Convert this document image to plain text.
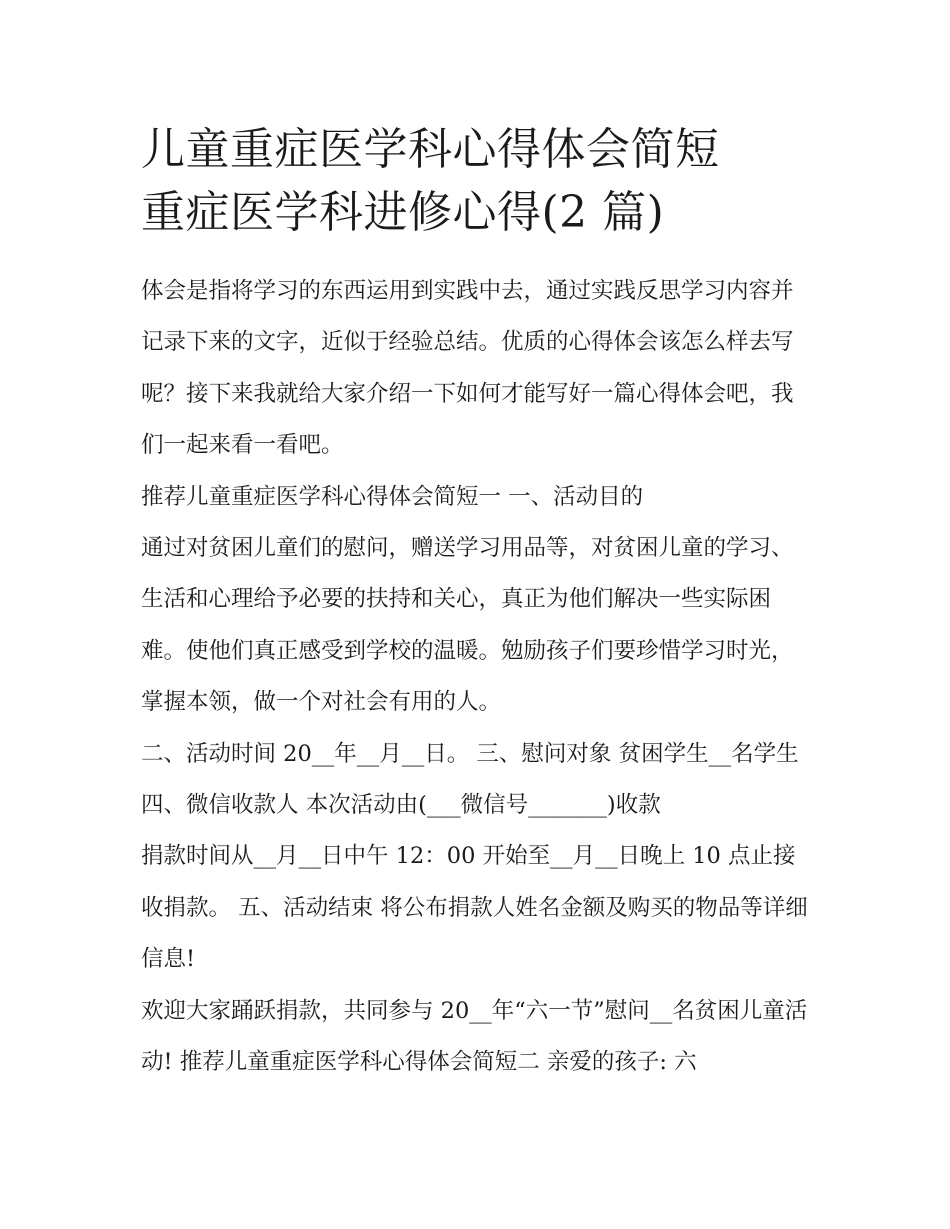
儿童重症医学科心得体会简短
重症医学科进修心得(2 篇)

体会是指将学习的东西运用到实践中去，通过实践反思学习内容并记录下来的文字，近似于经验总结。优质的心得体会该怎么样去写呢？接下来我就给大家介绍一下如何才能写好一篇心得体会吧，我们一起来看一看吧。

推荐儿童重症医学科心得体会简短一 一、活动目的

通过对贫困儿童们的慰问，赠送学习用品等，对贫困儿童的学习、生活和心理给予必要的扶持和关心，真正为他们解决一些实际困难。使他们真正感受到学校的温暖。勉励孩子们要珍惜学习时光，掌握本领，做一个对社会有用的人。

二、活动时间 20__年__月__日。 三、慰问对象 贫困学生__名学生 四、微信收款人 本次活动由(___微信号_______)收款

捐款时间从__月__日中午 12：00 开始至__月__日晚上 10 点止接收捐款。 五、活动结束 将公布捐款人姓名金额及购买的物品等详细信息!

欢迎大家踊跃捐款，共同参与 20__年“六一节”慰问__名贫困儿童活动! 推荐儿童重症医学科心得体会简短二 亲爱的孩子: 六
